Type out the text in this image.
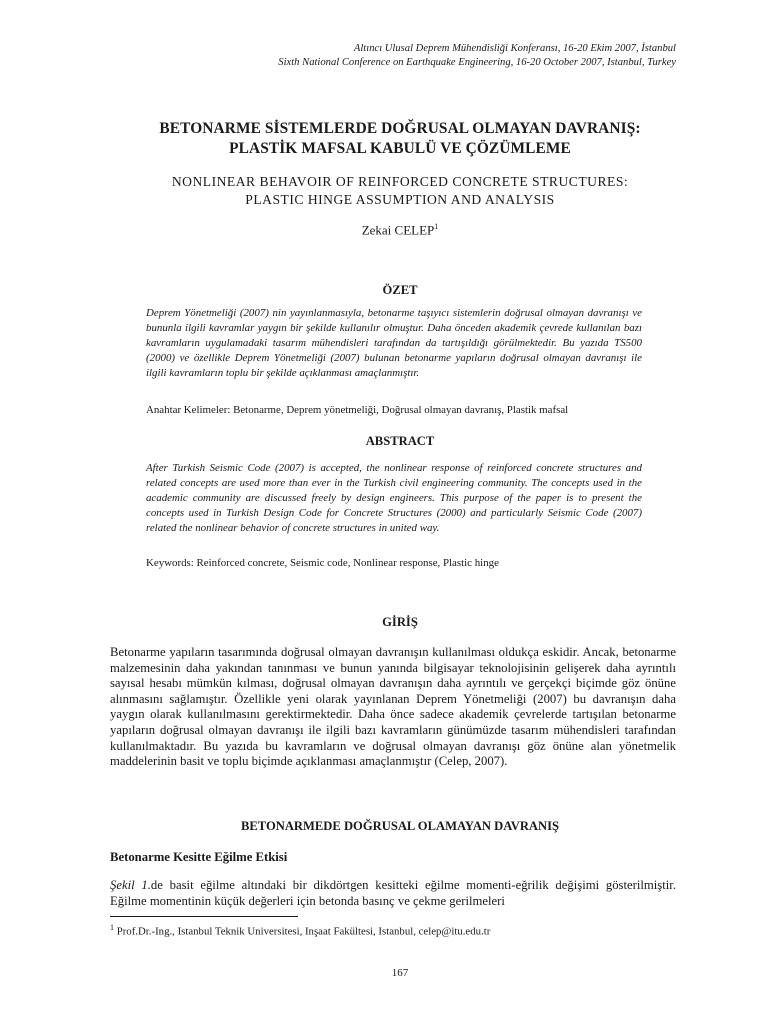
Altıncı Ulusal Deprem Mühendisliği Konferansı, 16-20 Ekim 2007, İstanbul
Sixth National Conference on Earthquake Engineering, 16-20 October 2007, Istanbul, Turkey
BETONARME SİSTEMLERDE DOĞRUSAL OLMAYAN DAVRANIŞ:
PLASTİK MAFSAL KABULÜ VE ÇÖZÜMLEME
NONLINEAR BEHAVOIR OF REINFORCED CONCRETE STRUCTURES:
PLASTIC HINGE ASSUMPTION AND ANALYSIS
Zekai CELEP$^1$
ÖZET
Deprem Yönetmeliği (2007) nin yayınlanmasıyla, betonarme taşıyıcı sistemlerin doğrusal olmayan davranışı ve bununla ilgili kavramlar yaygın bir şekilde kullanılır olmuştur. Daha önceden akademik çevrede kullanılan bazı kavramların uygulamadaki tasarım mühendisleri tarafından da tartışıldığı görülmektedir. Bu yazıda TS500 (2000) ve özellikle Deprem Yönetmeliği (2007) bulunan betonarme yapıların doğrusal olmayan davranışı ile ilgili kavramların toplu bir şekilde açıklanması amaçlanmıştır.
Anahtar Kelimeler: Betonarme, Deprem yönetmeliği, Doğrusal olmayan davranış, Plastik mafsal
ABSTRACT
After Turkish Seismic Code (2007) is accepted, the nonlinear response of reinforced concrete structures and related concepts are used more than ever in the Turkish civil engineering community. The concepts used in the academic community are discussed freely by design engineers. This purpose of the paper is to present the concepts used in Turkish Design Code for Concrete Structures (2000) and particularly Seismic Code (2007) related the nonlinear behavior of concrete structures in united way.
Keywords: Reinforced concrete, Seismic code, Nonlinear response, Plastic hinge
GİRİŞ
Betonarme yapıların tasarımında doğrusal olmayan davranışın kullanılması oldukça eskidir. Ancak, betonarme malzemesinin daha yakından tanınması ve bunun yanında bilgisayar teknolojisinin gelişerek daha ayrıntılı sayısal hesabı mümkün kılması, doğrusal olmayan davranışın daha ayrıntılı ve gerçekçi biçimde göz önüne alınmasını sağlamıştır. Özellikle yeni olarak yayınlanan Deprem Yönetmeliği (2007) bu davranışın daha yaygın olarak kullanılmasını gerektirmektedir. Daha önce sadece akademik çevrelerde tartışılan betonarme yapıların doğrusal olmayan davranışı ile ilgili bazı kavramların günümüzde tasarım mühendisleri tarafından kullanılmaktadır. Bu yazıda bu kavramların ve doğrusal olmayan davranışı göz önüne alan yönetmelik maddelerinin basit ve toplu biçimde açıklanması amaçlanmıştır (Celep, 2007).
BETONARMEDE DOĞRUSAL OLAMAYAN DAVRANIŞ
Betonarme Kesitte Eğilme Etkisi
Şekil 1.de basit eğilme altındaki bir dikdörtgen kesitteki eğilme momenti-eğrilik değişimi gösterilmiştir. Eğilme momentinin küçük değerleri için betonda basınç ve çekme gerilmeleri
$^1$ Prof.Dr.-Ing., Istanbul Teknik Universitesi, Inşaat Fakültesi, Istanbul, celep@itu.edu.tr
167
